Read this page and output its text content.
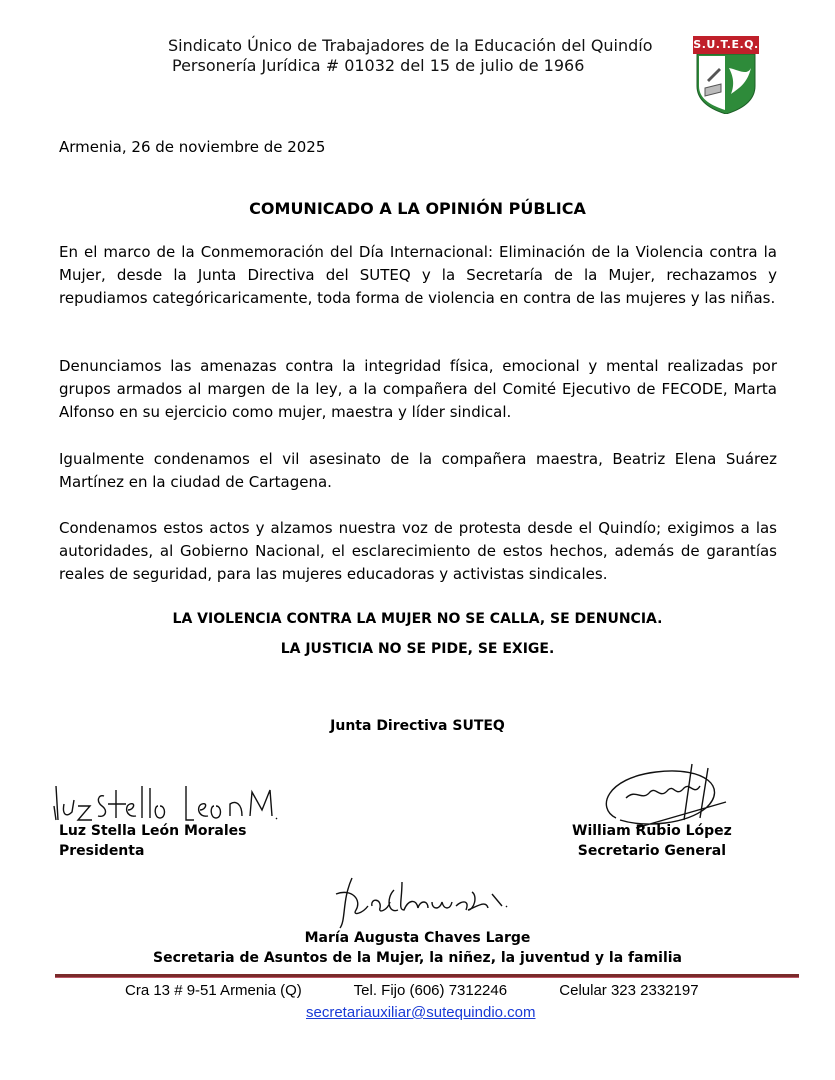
Sindicato Único de Trabajadores de la Educación del Quindío
Personería Jurídica # 01032 del 15 de julio de 1966
S.U.T.E.Q.
Armenia, 26 de noviembre de 2025
COMUNICADO A LA OPINIÓN PÚBLICA
En el marco de la Conmemoración del Día Internacional: Eliminación de la Violencia contra la Mujer, desde la Junta Directiva del SUTEQ y la Secretaría de la Mujer, rechazamos y repudiamos categóricaricamente, toda forma de violencia en contra de las mujeres y las niñas.
Denunciamos las amenazas contra la integridad física, emocional y mental realizadas por grupos armados al margen de la ley, a la compañera del Comité Ejecutivo de FECODE, Marta Alfonso en su ejercicio como mujer, maestra y líder sindical.
Igualmente condenamos el vil asesinato de la compañera maestra, Beatriz Elena Suárez Martínez en la ciudad de Cartagena.
Condenamos estos actos y alzamos nuestra voz de protesta desde el Quindío; exigimos a las autoridades, al Gobierno Nacional, el esclarecimiento de estos hechos, además de garantías reales de seguridad, para las mujeres educadoras y activistas sindicales.
LA VIOLENCIA CONTRA LA MUJER NO SE CALLA, SE DENUNCIA.
LA JUSTICIA NO SE PIDE, SE EXIGE.
Junta Directiva SUTEQ
Luz Stella León Morales
Presidenta
William Rubio López
Secretario General
María Augusta Chaves Large
Secretaria de Asuntos de la Mujer, la niñez, la juventud y la familia
Cra 13 # 9-51 Armenia (Q)	Tel. Fijo (606) 7312246	Celular 323 2332197
secretariauxiliar@sutequindio.com
